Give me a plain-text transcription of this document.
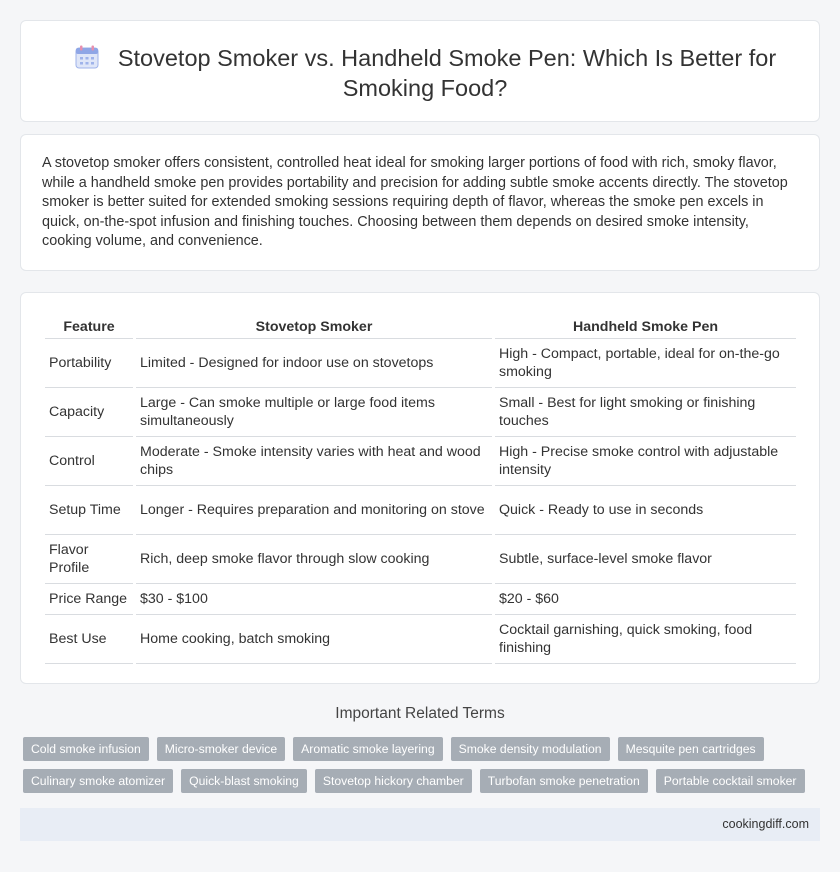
Stovetop Smoker vs. Handheld Smoke Pen: Which Is Better for Smoking Food?

A stovetop smoker offers consistent, controlled heat ideal for smoking larger portions of food with rich, smoky flavor, while a handheld smoke pen provides portability and precision for adding subtle smoke accents directly. The stovetop smoker is better suited for extended smoking sessions requiring depth of flavor, whereas the smoke pen excels in quick, on-the-spot infusion and finishing touches. Choosing between them depends on desired smoke intensity, cooking volume, and convenience.

Feature	Stovetop Smoker	Handheld Smoke Pen
Portability	Limited - Designed for indoor use on stovetops	High - Compact, portable, ideal for on-the-go smoking
Capacity	Large - Can smoke multiple or large food items simultaneously	Small - Best for light smoking or finishing touches
Control	Moderate - Smoke intensity varies with heat and wood chips	High - Precise smoke control with adjustable intensity
Setup Time	Longer - Requires preparation and monitoring on stove	Quick - Ready to use in seconds
Flavor Profile	Rich, deep smoke flavor through slow cooking	Subtle, surface-level smoke flavor
Price Range	$30 - $100	$20 - $60
Best Use	Home cooking, batch smoking	Cocktail garnishing, quick smoking, food finishing
Important Related Terms
Cold smoke infusion	Micro-smoker device	Aromatic smoke layering	Smoke density modulation	Mesquite pen cartridges
Culinary smoke atomizer	Quick-blast smoking	Stovetop hickory chamber	Turbofan smoke penetration	Portable cocktail smoker
cookingdiff.com
